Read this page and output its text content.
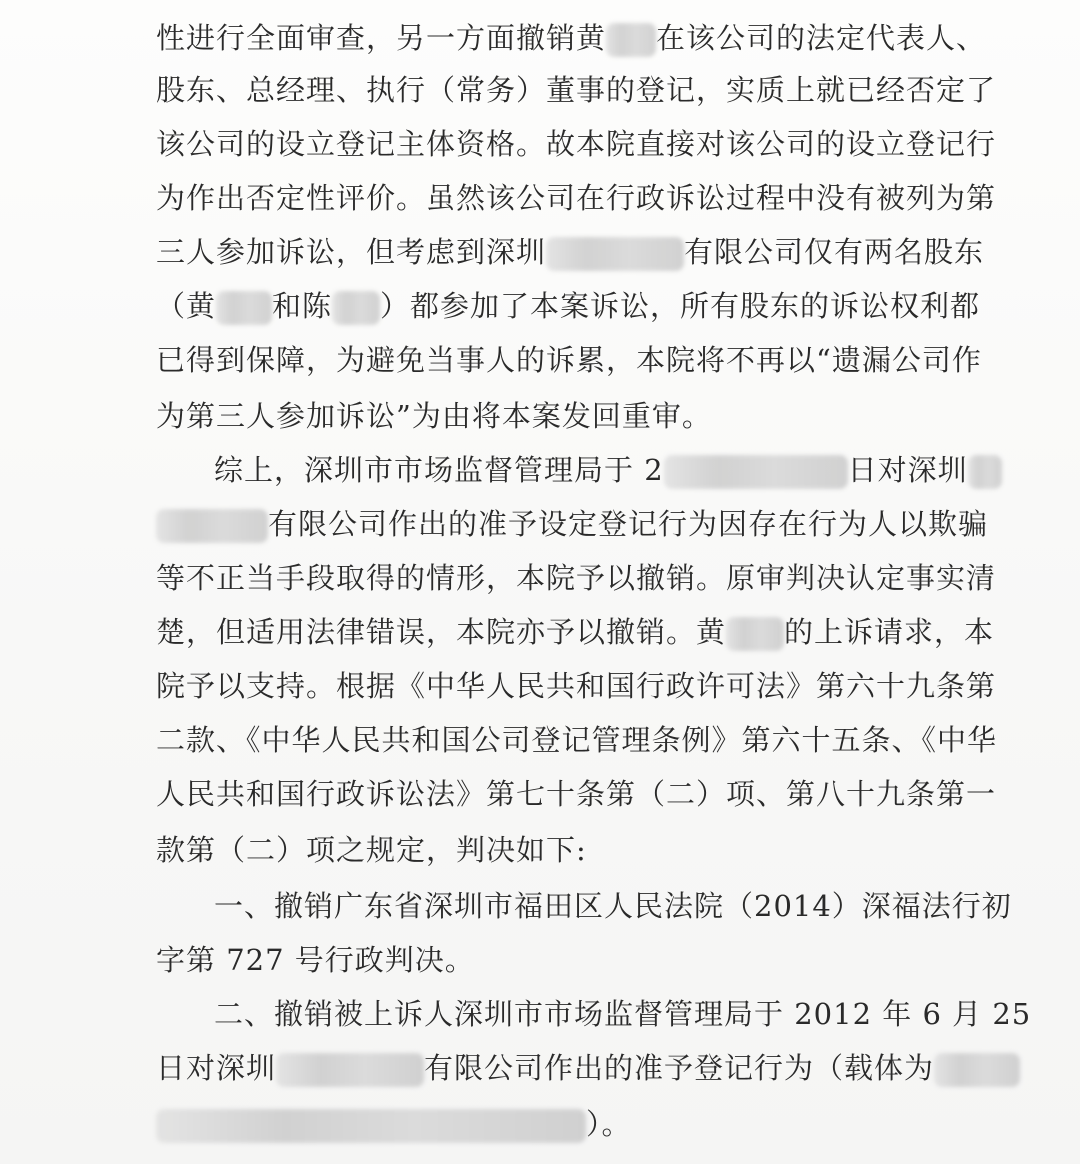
性进行全面审查，另一方面撤销黄 在该公司的法定代表人、
股东、总经理、执行（常务）董事的登记，实质上就已经否定了
该公司的设立登记主体资格。故本院直接对该公司的设立登记行
为作出否定性评价。虽然该公司在行政诉讼过程中没有被列为第
三人参加诉讼，但考虑到深圳	有限公司仅有两名股东
（黄 和陈 ）都参加了本案诉讼，所有股东的诉讼权利都
已得到保障，为避免当事人的诉累，本院将不再以“遗漏公司作
为第三人参加诉讼”为由将本案发回重审。
综上，深圳市市场监督管理局于 2	日对深圳
有限公司作出的准予设定登记行为因存在行为人以欺骗
等不正当手段取得的情形，本院予以撤销。原审判决认定事实清
楚，但适用法律错误，本院亦予以撤销。黄 的上诉请求，本
院予以支持。根据《中华人民共和国行政许可法》第六十九条第
二款、《中华人民共和国公司登记管理条例》第六十五条、《中华
人民共和国行政诉讼法》第七十条第（二）项、第八十九条第一
款第（二）项之规定，判决如下:
一、撤销广东省深圳市福田区人民法院（2014）深福法行初
字第 727 号行政判决。
二、撤销被上诉人深圳市市场监督管理局于 2012 年 6 月 25
日对深圳	有限公司作出的准予登记行为（载体为
）。
